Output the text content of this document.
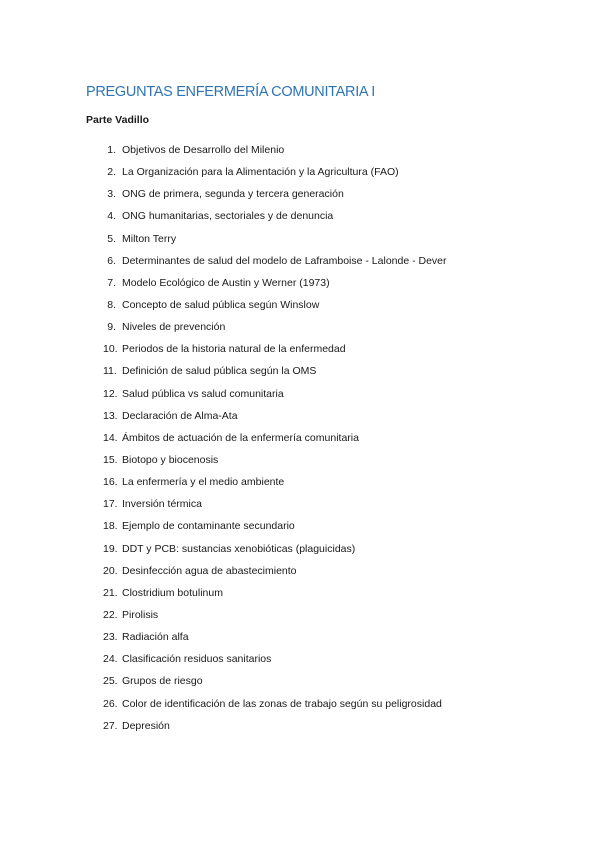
PREGUNTAS ENFERMERÍA COMUNITARIA I
Parte Vadillo
1. Objetivos de Desarrollo del Milenio
2. La Organización para la Alimentación y la Agricultura (FAO)
3. ONG de primera, segunda y tercera generación
4. ONG humanitarias, sectoriales y de denuncia
5. Milton Terry
6. Determinantes de salud del modelo de Laframboise - Lalonde - Dever
7. Modelo Ecológico de Austin y Werner (1973)
8. Concepto de salud pública según Winslow
9. Niveles de prevención
10. Periodos de la historia natural de la enfermedad
11. Definición de salud pública según la OMS
12. Salud pública vs salud comunitaria
13. Declaración de Alma-Ata
14. Ámbitos de actuación de la enfermería comunitaria
15. Biotopo y biocenosis
16. La enfermería y el medio ambiente
17. Inversión térmica
18. Ejemplo de contaminante secundario
19. DDT y PCB: sustancias xenobióticas (plaguicidas)
20. Desinfección agua de abastecimiento
21. Clostridium botulinum
22. Pirolisis
23. Radiación alfa
24. Clasificación residuos sanitarios
25. Grupos de riesgo
26. Color de identificación de las zonas de trabajo según su peligrosidad
27. Depresión
